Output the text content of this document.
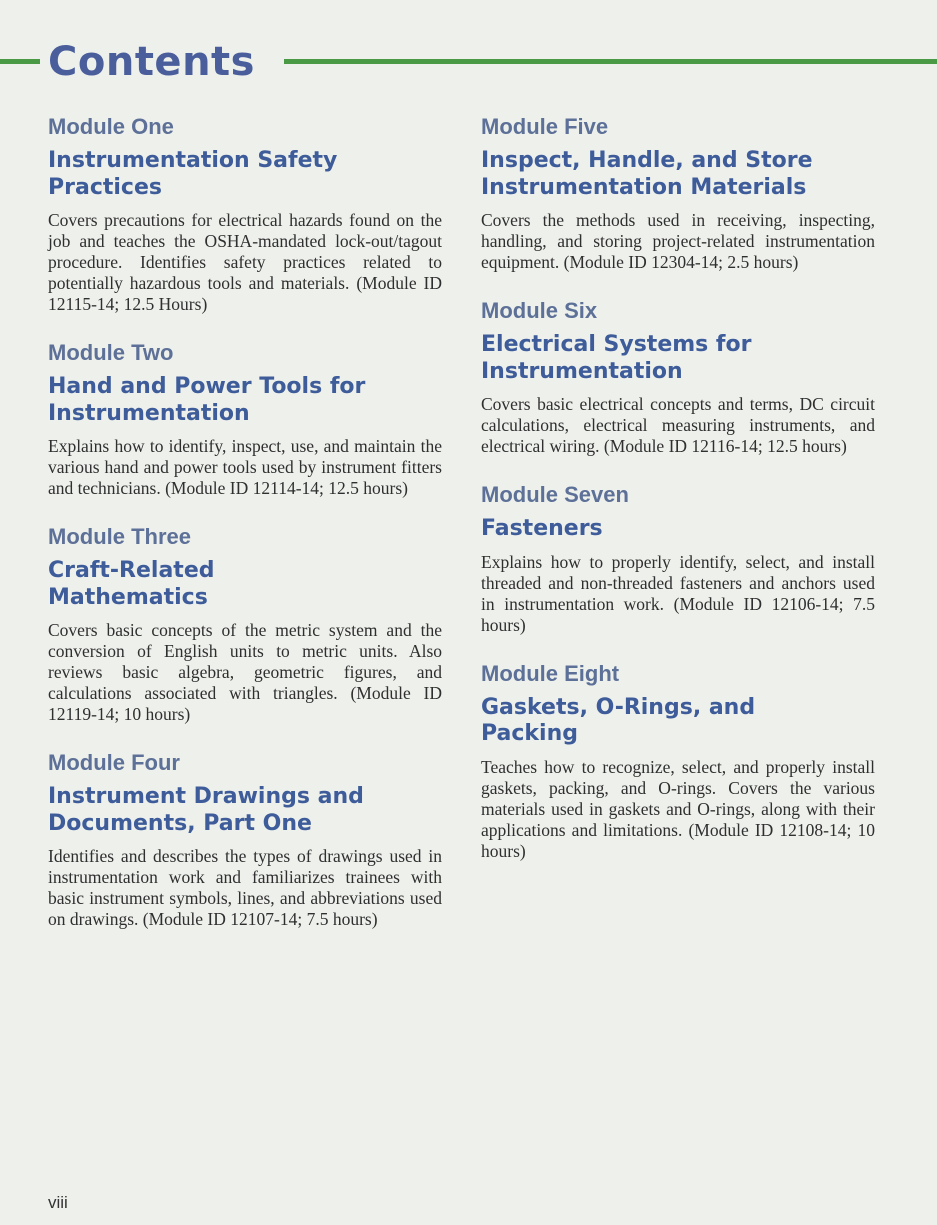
Contents
Module One
Instrumentation Safety Practices

Covers precautions for electrical hazards found on the job and teaches the OSHA-mandated lock-out/tagout procedure. Identifies safety practices related to potentially hazardous tools and materials. (Module ID 12115-14; 12.5 Hours)

Module Two
Hand and Power Tools for Instrumentation

Explains how to identify, inspect, use, and maintain the various hand and power tools used by instrument fitters and technicians. (Module ID 12114-14; 12.5 hours)

Module Three
Craft-Related Mathematics

Covers basic concepts of the metric system and the conversion of English units to metric units. Also reviews basic algebra, geometric figures, and calculations associated with triangles. (Module ID 12119-14; 10 hours)

Module Four
Instrument Drawings and Documents, Part One

Identifies and describes the types of drawings used in instrumentation work and familiarizes trainees with basic instrument symbols, lines, and abbreviations used on drawings. (Module ID 12107-14; 7.5 hours)

Module Five
Inspect, Handle, and Store Instrumentation Materials

Covers the methods used in receiving, inspecting, handling, and storing project-related instrumentation equipment. (Module ID 12304-14; 2.5 hours)

Module Six
Electrical Systems for Instrumentation

Covers basic electrical concepts and terms, DC circuit calculations, electrical measuring instruments, and electrical wiring. (Module ID 12116-14; 12.5 hours)

Module Seven
Fasteners

Explains how to properly identify, select, and install threaded and non-threaded fasteners and anchors used in instrumentation work. (Module ID 12106-14; 7.5 hours)

Module Eight
Gaskets, O-Rings, and Packing

Teaches how to recognize, select, and properly install gaskets, packing, and O-rings. Covers the various materials used in gaskets and O-rings, along with their applications and limitations. (Module ID 12108-14; 10 hours)

viii
